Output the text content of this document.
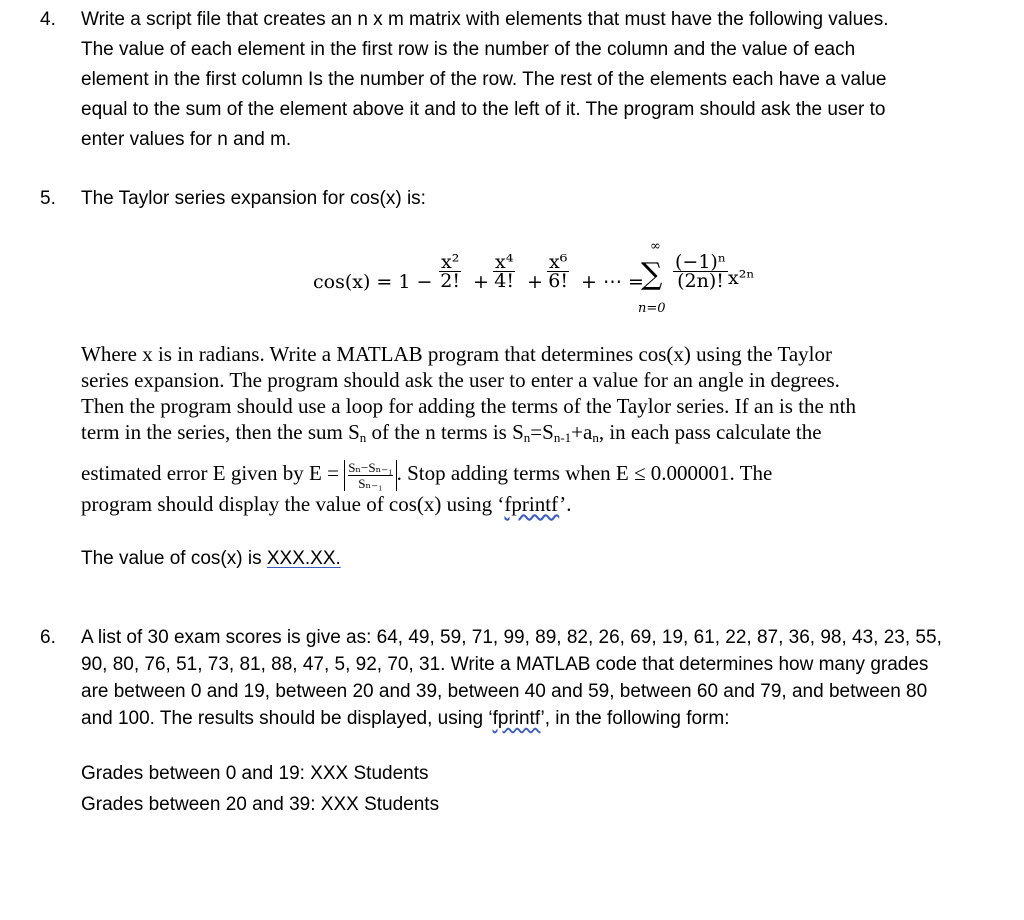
4. Write a script file that creates an n x m matrix with elements that must have the following values.
The value of each element in the first row is the number of the column and the value of each
element in the first column Is the number of the row. The rest of the elements each have a value
equal to the sum of the element above it and to the left of it. The program should ask the user to
enter values for n and m.
5. The Taylor series expansion for cos(x) is:
$\cos(x) = 1 - \frac{\text{x²}}{2!} + \frac{\text{x⁴}}{4!} + \frac{\text{x⁶}}{6!}$ + ⋯ =
∞
∑
n=0
$\frac{\text{(−1)ⁿ}}{(2n)!} x^{2n}$
Where x is in radians. Write a MATLAB program that determines cos(x) using the Taylor
series expansion. The program should ask the user to enter a value for an angle in degrees.
Then the program should use a loop for adding the terms of the Taylor series. If an is the nth
term in the series, then the sum $S_n$ of the n terms is $S_n=S_{n-1}+a_n$, in each pass calculate the
estimated error E given by $E = \frac{\text{Sₙ−Sₙ₋₁}}{\text{Sₙ₋₁}}$ . Stop adding terms when E ≤ 0.000001. The
program should display the value of cos(x) using ‘fprintf’.
The value of cos(x) is XXX.XX.
6. A list of 30 exam scores is give as: 64, 49, 59, 71, 99, 89, 82, 26, 69, 19, 61, 22, 87, 36, 98, 43, 23, 55,
90, 80, 76, 51, 73, 81, 88, 47, 5, 92, 70, 31. Write a MATLAB code that determines how many grades
are between 0 and 19, between 20 and 39, between 40 and 59, between 60 and 79, and between 80
and 100. The results should be displayed, using ‘fprintf’, in the following form:
Grades between 0 and 19: XXX Students
Grades between 20 and 39: XXX Students
